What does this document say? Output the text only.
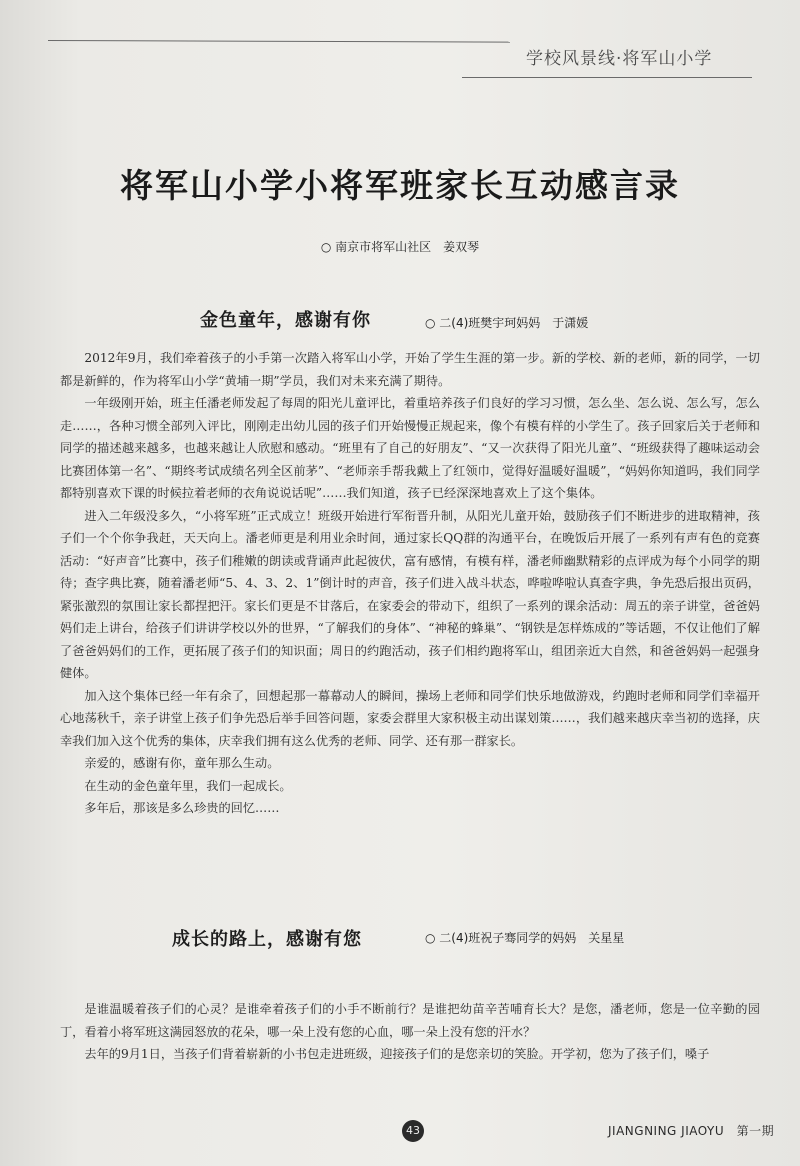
学校风景线·将军山小学
将军山小学小将军班家长互动感言录
○ 南京市将军山社区　姜双琴
金色童年，感谢有你	○ 二(4)班樊宇珂妈妈　于潇媛

2012年9月，我们牵着孩子的小手第一次踏入将军山小学，开始了学生生涯的第一步。新的学校、新的老师，新的同学，一切都是新鲜的，作为将军山小学“黄埔一期”学员，我们对未来充满了期待。

一年级刚开始，班主任潘老师发起了每周的阳光儿童评比，着重培养孩子们良好的学习习惯，怎么坐、怎么说、怎么写，怎么走……，各种习惯全部列入评比，刚刚走出幼儿园的孩子们开始慢慢正规起来，像个有模有样的小学生了。孩子回家后关于老师和同学的描述越来越多，也越来越让人欣慰和感动。“班里有了自己的好朋友”、“又一次获得了阳光儿童”、“班级获得了趣味运动会比赛团体第一名”、“期终考试成绩名列全区前茅”、“老师亲手帮我戴上了红领巾，觉得好温暖好温暖”，“妈妈你知道吗，我们同学都特别喜欢下课的时候拉着老师的衣角说说话呢”……我们知道，孩子已经深深地喜欢上了这个集体。

进入二年级没多久，“小将军班”正式成立！班级开始进行军衔晋升制，从阳光儿童开始，鼓励孩子们不断进步的进取精神，孩子们一个个你争我赶，天天向上。潘老师更是利用业余时间，通过家长QQ群的沟通平台，在晚饭后开展了一系列有声有色的竞赛活动：“好声音”比赛中，孩子们稚嫩的朗读或背诵声此起彼伏，富有感情，有模有样，潘老师幽默精彩的点评成为每个小同学的期待；查字典比赛，随着潘老师“5、4、3、2、1”倒计时的声音，孩子们进入战斗状态，哗啦哗啦认真查字典，争先恐后报出页码，紧张激烈的氛围让家长都捏把汗。家长们更是不甘落后，在家委会的带动下，组织了一系列的课余活动：周五的亲子讲堂，爸爸妈妈们走上讲台，给孩子们讲讲学校以外的世界，“了解我们的身体”、“神秘的蜂巢”、“钢铁是怎样炼成的”等话题，不仅让他们了解了爸爸妈妈们的工作，更拓展了孩子们的知识面；周日的约跑活动，孩子们相约跑将军山，组团亲近大自然，和爸爸妈妈一起强身健体。

加入这个集体已经一年有余了，回想起那一幕幕动人的瞬间，操场上老师和同学们快乐地做游戏，约跑时老师和同学们幸福开心地荡秋千，亲子讲堂上孩子们争先恐后举手回答问题，家委会群里大家积极主动出谋划策……，我们越来越庆幸当初的选择，庆幸我们加入这个优秀的集体，庆幸我们拥有这么优秀的老师、同学、还有那一群家长。

亲爱的，感谢有你，童年那么生动。

在生动的金色童年里，我们一起成长。

多年后，那该是多么珍贵的回忆……

成长的路上，感谢有您	○ 二(4)班祝子骞同学的妈妈　关星星

是谁温暖着孩子们的心灵？是谁牵着孩子们的小手不断前行？是谁把幼苗辛苦哺育长大？是您，潘老师，您是一位辛勤的园丁，看着小将军班这满园怒放的花朵，哪一朵上没有您的心血，哪一朵上没有您的汗水？

去年的9月1日，当孩子们背着崭新的小书包走进班级，迎接孩子们的是您亲切的笑脸。开学初，您为了孩子们，嗓子

43	JIANGNING JIAOYU　第一期
